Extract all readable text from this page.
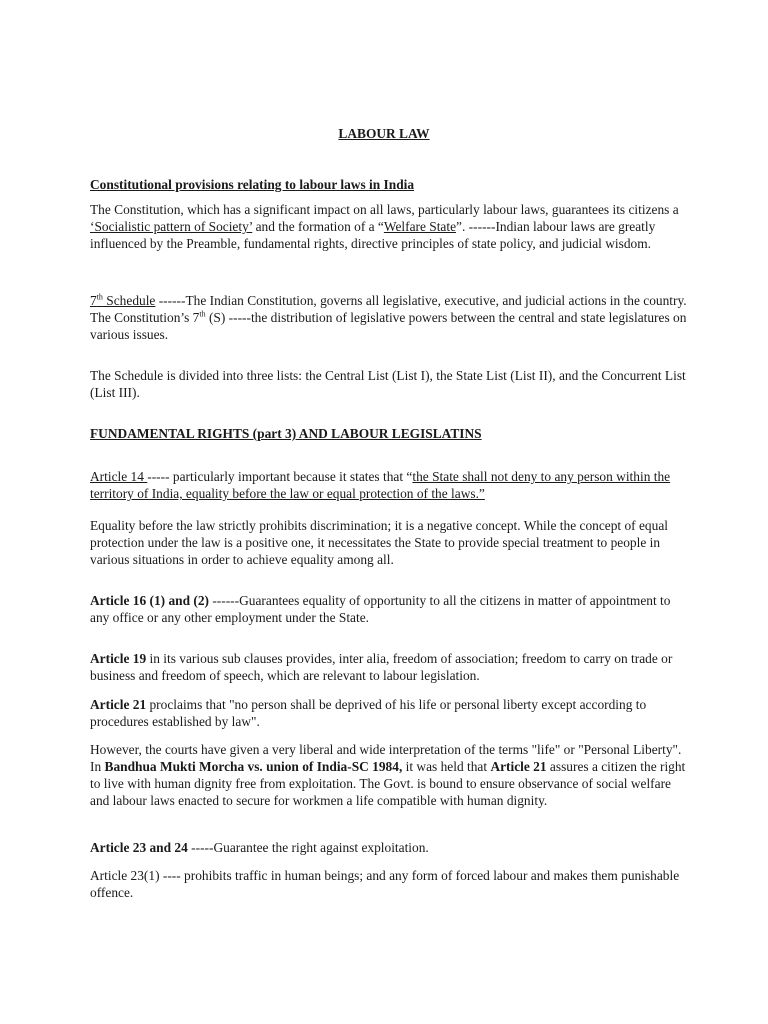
LABOUR LAW
Constitutional provisions relating to labour laws in India
The Constitution, which has a significant impact on all laws, particularly labour laws, guarantees its citizens a ‘Socialistic pattern of Society’ and the formation of a “Welfare State”. ------Indian labour laws are greatly influenced by the Preamble, fundamental rights, directive principles of state policy, and judicial wisdom.
7th Schedule ------The Indian Constitution, governs all legislative, executive, and judicial actions in the country. The Constitution’s 7th (S) -----the distribution of legislative powers between the central and state legislatures on various issues.
The Schedule is divided into three lists: the Central List (List I), the State List (List II), and the Concurrent List (List III).
FUNDAMENTAL RIGHTS (part 3) AND LABOUR LEGISLATINS
Article 14 ----- particularly important because it states that “the State shall not deny to any person within the territory of India, equality before the law or equal protection of the laws.”
Equality before the law strictly prohibits discrimination; it is a negative concept. While the concept of equal protection under the law is a positive one, it necessitates the State to provide special treatment to people in various situations in order to achieve equality among all.
Article 16 (1) and (2) ------Guarantees equality of opportunity to all the citizens in matter of appointment to any office or any other employment under the State.
Article 19 in its various sub clauses provides, inter alia, freedom of association; freedom to carry on trade or business and freedom of speech, which are relevant to labour legislation.
Article 21 proclaims that "no person shall be deprived of his life or personal liberty except according to procedures established by law".
However, the courts have given a very liberal and wide interpretation of the terms "life" or "Personal Liberty". In Bandhua Mukti Morcha vs. union of India-SC 1984, it was held that Article 21 assures a citizen the right to live with human dignity free from exploitation. The Govt. is bound to ensure observance of social welfare and labour laws enacted to secure for workmen a life compatible with human dignity.
Article 23 and 24 -----Guarantee the right against exploitation.
Article 23(1) ---- prohibits traffic in human beings; and any form of forced labour and makes them punishable offence.
